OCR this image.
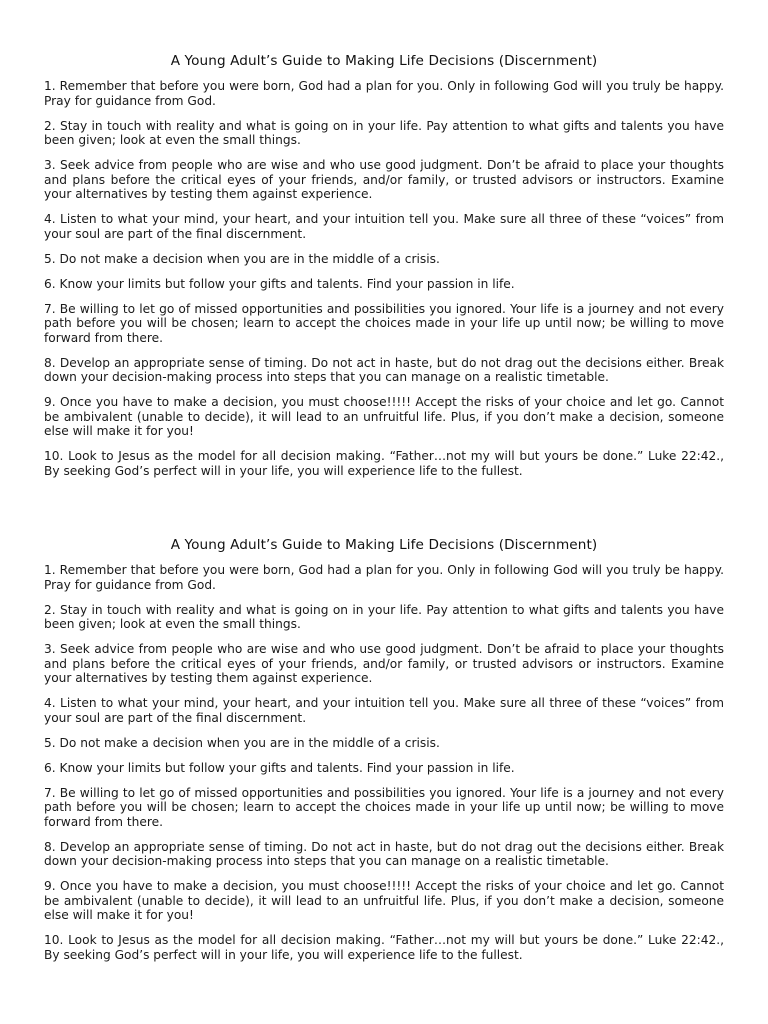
A Young Adult’s Guide to Making Life Decisions (Discernment)

1. Remember that before you were born, God had a plan for you. Only in following God will you truly be happy. Pray for guidance from God.

2. Stay in touch with reality and what is going on in your life. Pay attention to what gifts and talents you have been given; look at even the small things.

3. Seek advice from people who are wise and who use good judgment. Don’t be afraid to place your thoughts and plans before the critical eyes of your friends, and/or family, or trusted advisors or instructors. Examine your alternatives by testing them against experience.

4. Listen to what your mind, your heart, and your intuition tell you. Make sure all three of these “voices” from your soul are part of the final discernment.

5. Do not make a decision when you are in the middle of a crisis.

6. Know your limits but follow your gifts and talents. Find your passion in life.

7. Be willing to let go of missed opportunities and possibilities you ignored. Your life is a journey and not every path before you will be chosen; learn to accept the choices made in your life up until now; be willing to move forward from there.

8. Develop an appropriate sense of timing. Do not act in haste, but do not drag out the decisions either. Break down your decision-making process into steps that you can manage on a realistic timetable.

9. Once you have to make a decision, you must choose!!!!! Accept the risks of your choice and let go. Cannot be ambivalent (unable to decide), it will lead to an unfruitful life. Plus, if you don’t make a decision, someone else will make it for you!

10. Look to Jesus as the model for all decision making. “Father…not my will but yours be done.” Luke 22:42., By seeking God’s perfect will in your life, you will experience life to the fullest.

A Young Adult’s Guide to Making Life Decisions (Discernment)

1. Remember that before you were born, God had a plan for you. Only in following God will you truly be happy. Pray for guidance from God.

2. Stay in touch with reality and what is going on in your life. Pay attention to what gifts and talents you have been given; look at even the small things.

3. Seek advice from people who are wise and who use good judgment. Don’t be afraid to place your thoughts and plans before the critical eyes of your friends, and/or family, or trusted advisors or instructors. Examine your alternatives by testing them against experience.

4. Listen to what your mind, your heart, and your intuition tell you. Make sure all three of these “voices” from your soul are part of the final discernment.

5. Do not make a decision when you are in the middle of a crisis.

6. Know your limits but follow your gifts and talents. Find your passion in life.

7. Be willing to let go of missed opportunities and possibilities you ignored. Your life is a journey and not every path before you will be chosen; learn to accept the choices made in your life up until now; be willing to move forward from there.

8. Develop an appropriate sense of timing. Do not act in haste, but do not drag out the decisions either. Break down your decision-making process into steps that you can manage on a realistic timetable.

9. Once you have to make a decision, you must choose!!!!! Accept the risks of your choice and let go. Cannot be ambivalent (unable to decide), it will lead to an unfruitful life. Plus, if you don’t make a decision, someone else will make it for you!

10. Look to Jesus as the model for all decision making. “Father…not my will but yours be done.” Luke 22:42., By seeking God’s perfect will in your life, you will experience life to the fullest.
